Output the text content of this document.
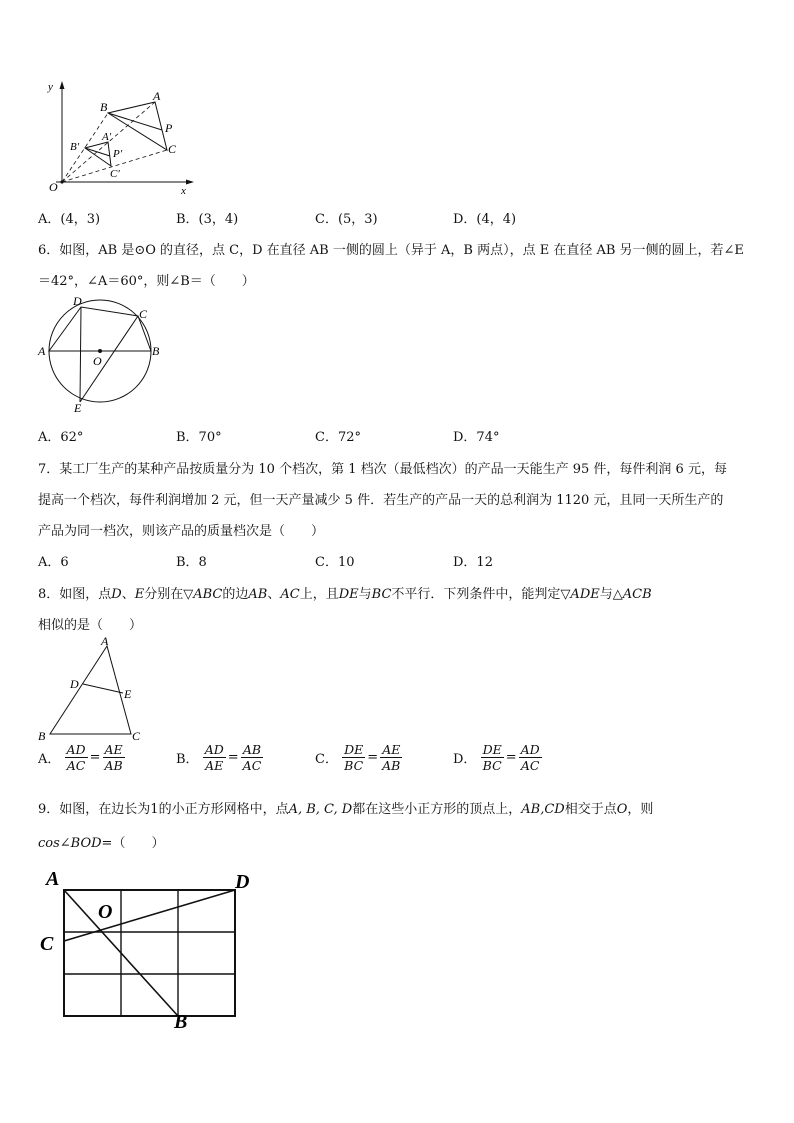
y
x
O
B
A
P
C
A′
B′
P′
C′
A．(4，3)	B．(3，4)	C．(5，3)	D．(4，4)
6．如图，AB 是⊙O 的直径，点 C，D 在直径 AB 一侧的圆上（异于 A，B 两点），点 E 在直径 AB 另一侧的圆上，若∠E
＝42°，∠A＝60°，则∠B＝（　　）
D
C
A	B
O
E
A．62°	B．70°	C．72°	D．74°
7．某工厂生产的某种产品按质量分为 10 个档次，第 1 档次（最低档次）的产品一天能生产 95 件，每件利润 6 元，每
提高一个档次，每件利润增加 2 元，但一天产量减少 5 件．若生产的产品一天的总利润为 1120 元，且同一天所生产的
产品为同一档次，则该产品的质量档次是（　　）
A．6	B．8	C．10	D．12
8．如图，点D、E分别在▽ABC的边AB、AC上，且DE与BC不平行．下列条件中，能判定▽ADE与△ACB
相似的是（　　）
A
D
E
B	C
A． $\frac{AD}{AC} = \frac{AE}{AB}$	B． $\frac{AD}{AE} = \frac{AB}{AC}$	C． $\frac{DE}{BC} = \frac{AE}{AB}$	D． $\frac{DE}{BC} = \frac{AD}{AC}$
9．如图，在边长为1的小正方形网格中，点A, B, C, D都在这些小正方形的顶点上，AB,CD相交于点O，则
cos∠BOD=（　　）
A	D
O
C
B
